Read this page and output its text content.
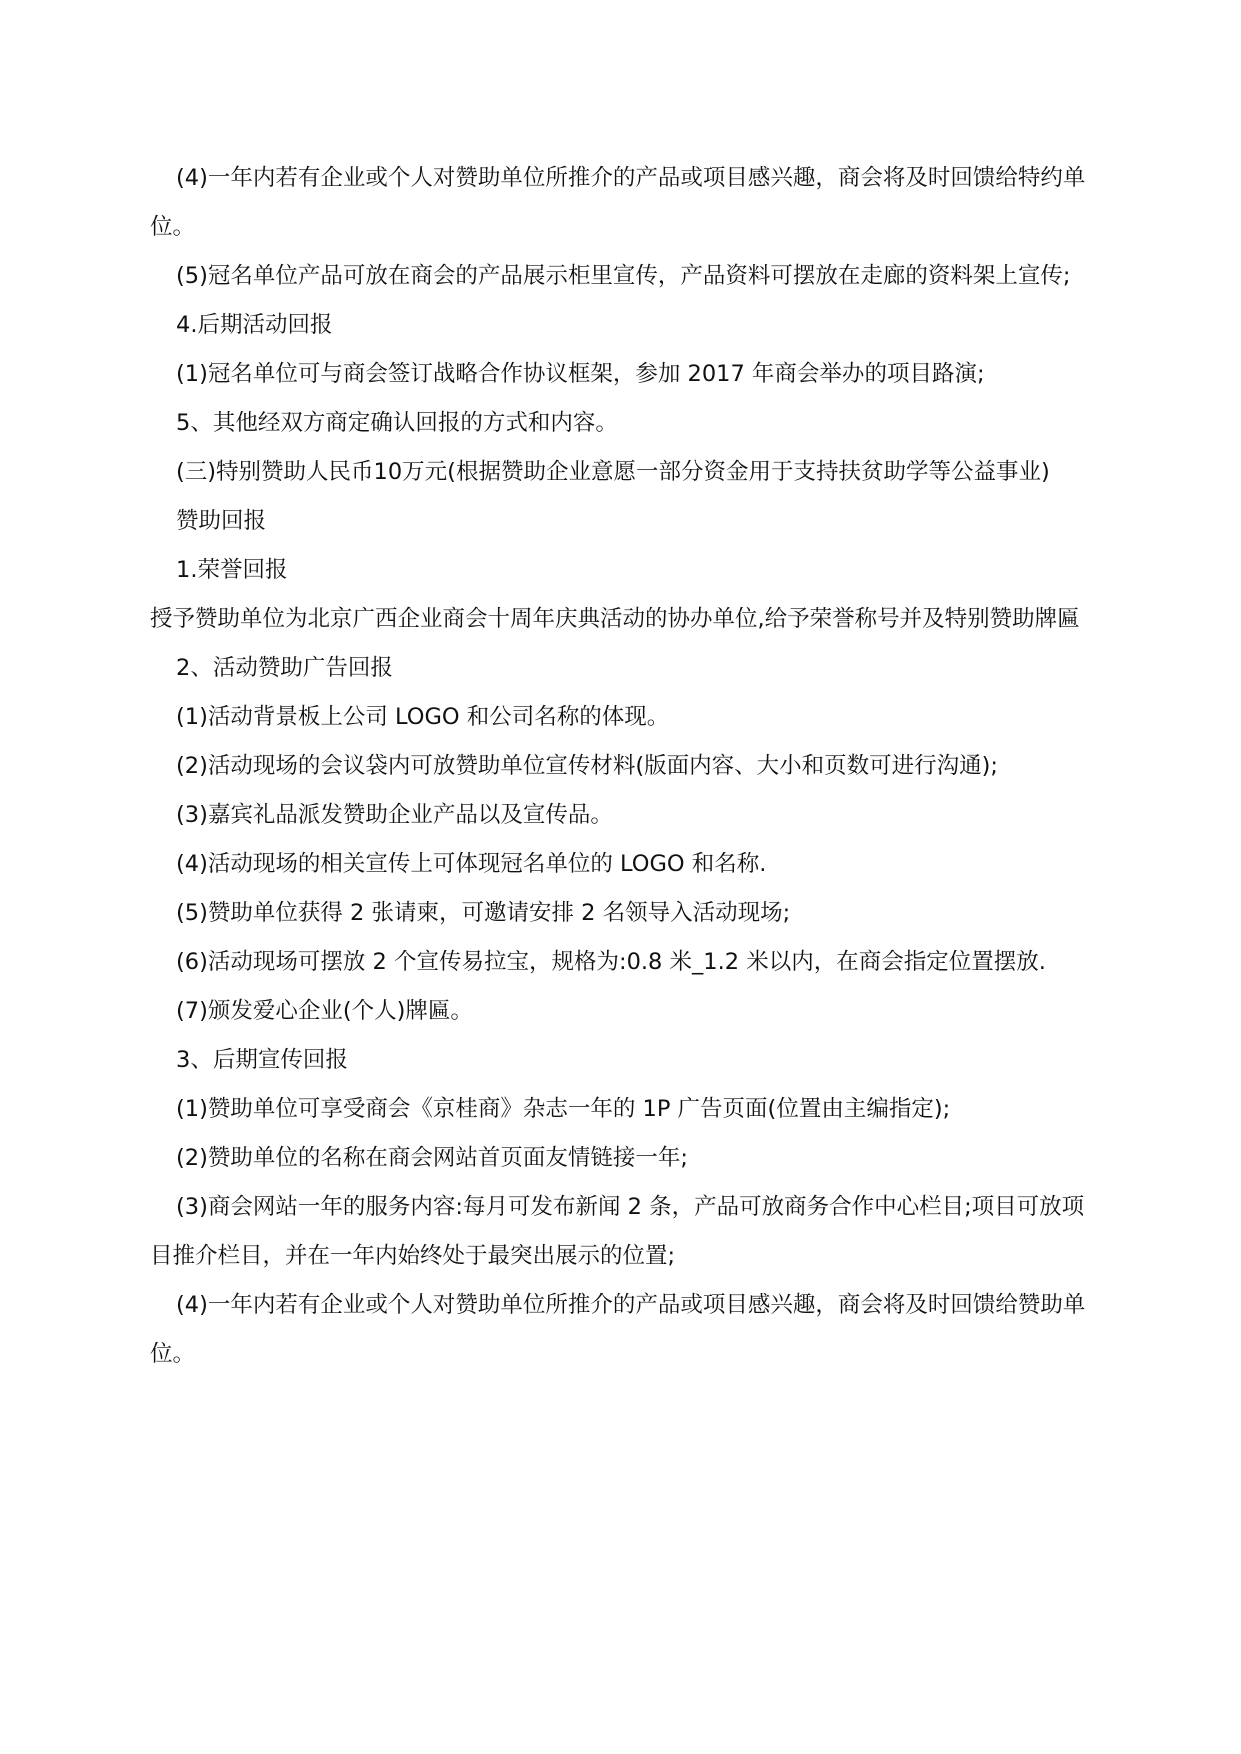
(4)一年内若有企业或个人对赞助单位所推介的产品或项目感兴趣，商会将及时回馈给特约单位。

(5)冠名单位产品可放在商会的产品展示柜里宣传，产品资料可摆放在走廊的资料架上宣传;

4.后期活动回报

(1)冠名单位可与商会签订战略合作协议框架，参加 2017 年商会举办的项目路演;

5、其他经双方商定确认回报的方式和内容。

(三)特别赞助人民币10万元(根据赞助企业意愿一部分资金用于支持扶贫助学等公益事业)

赞助回报

1.荣誉回报

授予赞助单位为北京广西企业商会十周年庆典活动的协办单位,给予荣誉称号并及特别赞助牌匾

2、活动赞助广告回报

(1)活动背景板上公司 LOGO 和公司名称的体现。

(2)活动现场的会议袋内可放赞助单位宣传材料(版面内容、大小和页数可进行沟通);

(3)嘉宾礼品派发赞助企业产品以及宣传品。

(4)活动现场的相关宣传上可体现冠名单位的 LOGO 和名称.

(5)赞助单位获得 2 张请柬，可邀请安排 2 名领导入活动现场;

(6)活动现场可摆放 2 个宣传易拉宝，规格为:0.8 米_1.2 米以内，在商会指定位置摆放.

(7)颁发爱心企业(个人)牌匾。

3、后期宣传回报

(1)赞助单位可享受商会《京桂商》杂志一年的 1P 广告页面(位置由主编指定);

(2)赞助单位的名称在商会网站首页面友情链接一年;

(3)商会网站一年的服务内容:每月可发布新闻 2 条，产品可放商务合作中心栏目;项目可放项目推介栏目，并在一年内始终处于最突出展示的位置;

(4)一年内若有企业或个人对赞助单位所推介的产品或项目感兴趣，商会将及时回馈给赞助单位。
